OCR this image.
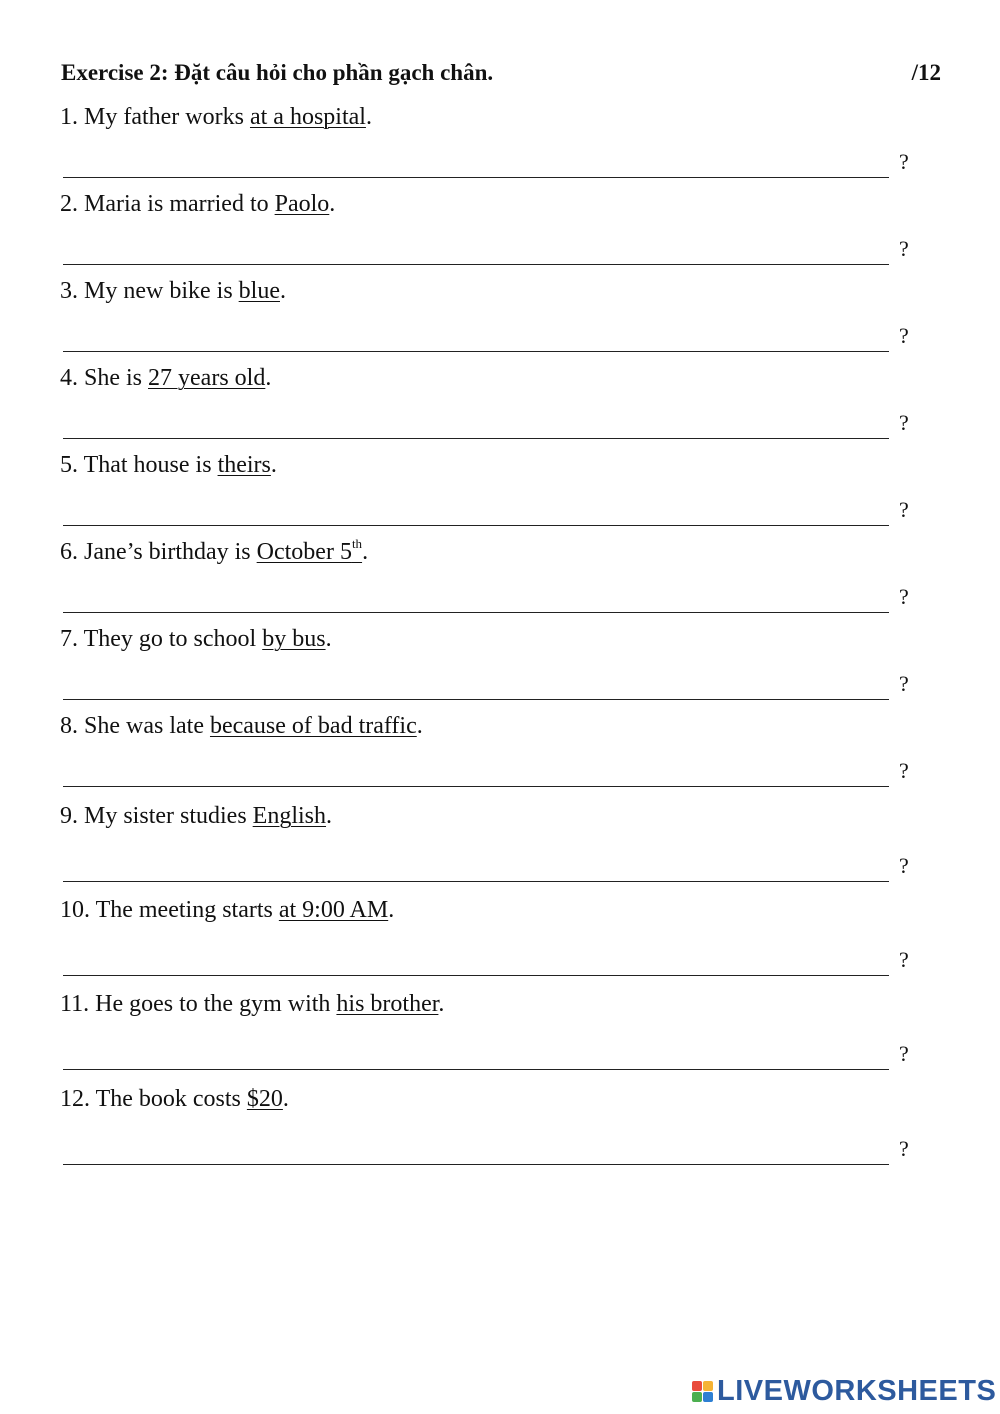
Exercise 2: Đặt câu hỏi cho phần gạch chân.	/12
1. My father works at a hospital.
?
2. Maria is married to Paolo.
?
3. My new bike is blue.
?
4. She is 27 years old.
?
5. That house is theirs.
?
6. Jane’s birthday is October 5th.
?
7. They go to school by bus.
?
8. She was late because of bad traffic.
?
9. My sister studies English.
?
10. The meeting starts at 9:00 AM.
?
11. He goes to the gym with his brother.
?
12. The book costs $20.
?
LIVEWORKSHEETS
